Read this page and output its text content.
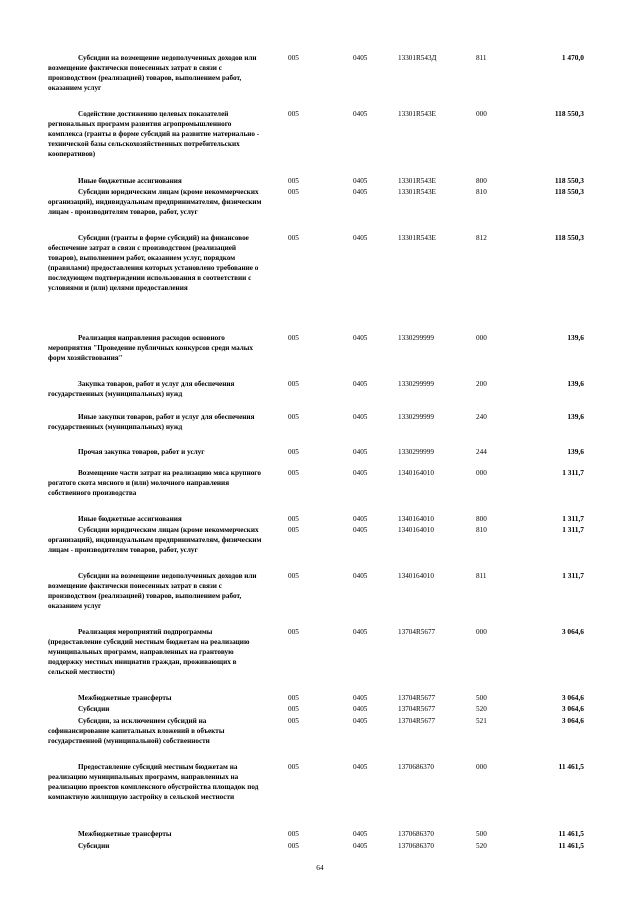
Субсидии на возмещение недополученных доходов или возмещение фактически понесенных затрат в связи с производством (реализацией) товаров, выполнением работ, оказанием услуг
005	0405	13301R543Д	811	1 470,0
Содействие достижению целевых показателей региональных программ развития агропромышленного комплекса (гранты в форме субсидий на развитие материально - технической базы сельскохозяйственных потребительских кооперативов)
005	0405	13301R543Е	000	118 550,3
Иные бюджетные ассигнования	005	0405	13301R543Е	800	118 550,3
Субсидии юридическим лицам (кроме некоммерческих организаций), индивидуальным предпринимателям, физическим лицам - производителям товаров, работ, услуг
005	0405	13301R543Е	810	118 550,3
Субсидии (гранты в форме субсидий) на финансовое обеспечение затрат в связи с производством (реализацией товаров), выполнением работ, оказанием услуг, порядком (правилами) предоставления которых установлено требование о последующем подтверждении использования в соответствии с условиями и (или) целями предоставления
005	0405	13301R543Е	812	118 550,3
Реализация направления расходов основного мероприятия "Проведение публичных конкурсов среди малых форм хозяйствования"
005	0405	1330299999	000	139,6
Закупка товаров, работ и услуг для обеспечения государственных (муниципальных) нужд
005	0405	1330299999	200	139,6
Иные закупки товаров, работ и услуг для обеспечения государственных (муниципальных) нужд
005	0405	1330299999	240	139,6
Прочая закупка товаров, работ и услуг	005	0405	1330299999	244	139,6
Возмещение части затрат на реализацию мяса крупного рогатого скота мясного и (или) молочного направления собственного производства
005	0405	1340164010	000	1 311,7
Иные бюджетные ассигнования	005	0405	1340164010	800	1 311,7
Субсидии юридическим лицам (кроме некоммерческих организаций), индивидуальным предпринимателям, физическим лицам - производителям товаров, работ, услуг
005	0405	1340164010	810	1 311,7
Субсидии на возмещение недополученных доходов или возмещение фактически понесенных затрат в связи с производством (реализацией) товаров, выполнением работ, оказанием услуг
005	0405	1340164010	811	1 311,7
Реализация мероприятий подпрограммы (предоставление субсидий местным бюджетам на реализацию муниципальных программ, направленных на грантовую поддержку местных инициатив граждан, проживающих в сельской местности)
005	0405	13704R5677	000	3 064,6
Межбюджетные трансферты	005	0405	13704R5677	500	3 064,6
Субсидии	005	0405	13704R5677	520	3 064,6
Субсидии, за исключением субсидий на софинансирование капитальных вложений в объекты государственной (муниципальной) собственности
005	0405	13704R5677	521	3 064,6
Предоставление субсидий местным бюджетам на реализацию муниципальных программ, направленных на реализацию проектов комплексного обустройства площадок под компактную жилищную застройку в сельской местности
005	0405	1370686370	000	11 461,5
Межбюджетные трансферты	005	0405	1370686370	500	11 461,5
Субсидии	005	0405	1370686370	520	11 461,5
64
